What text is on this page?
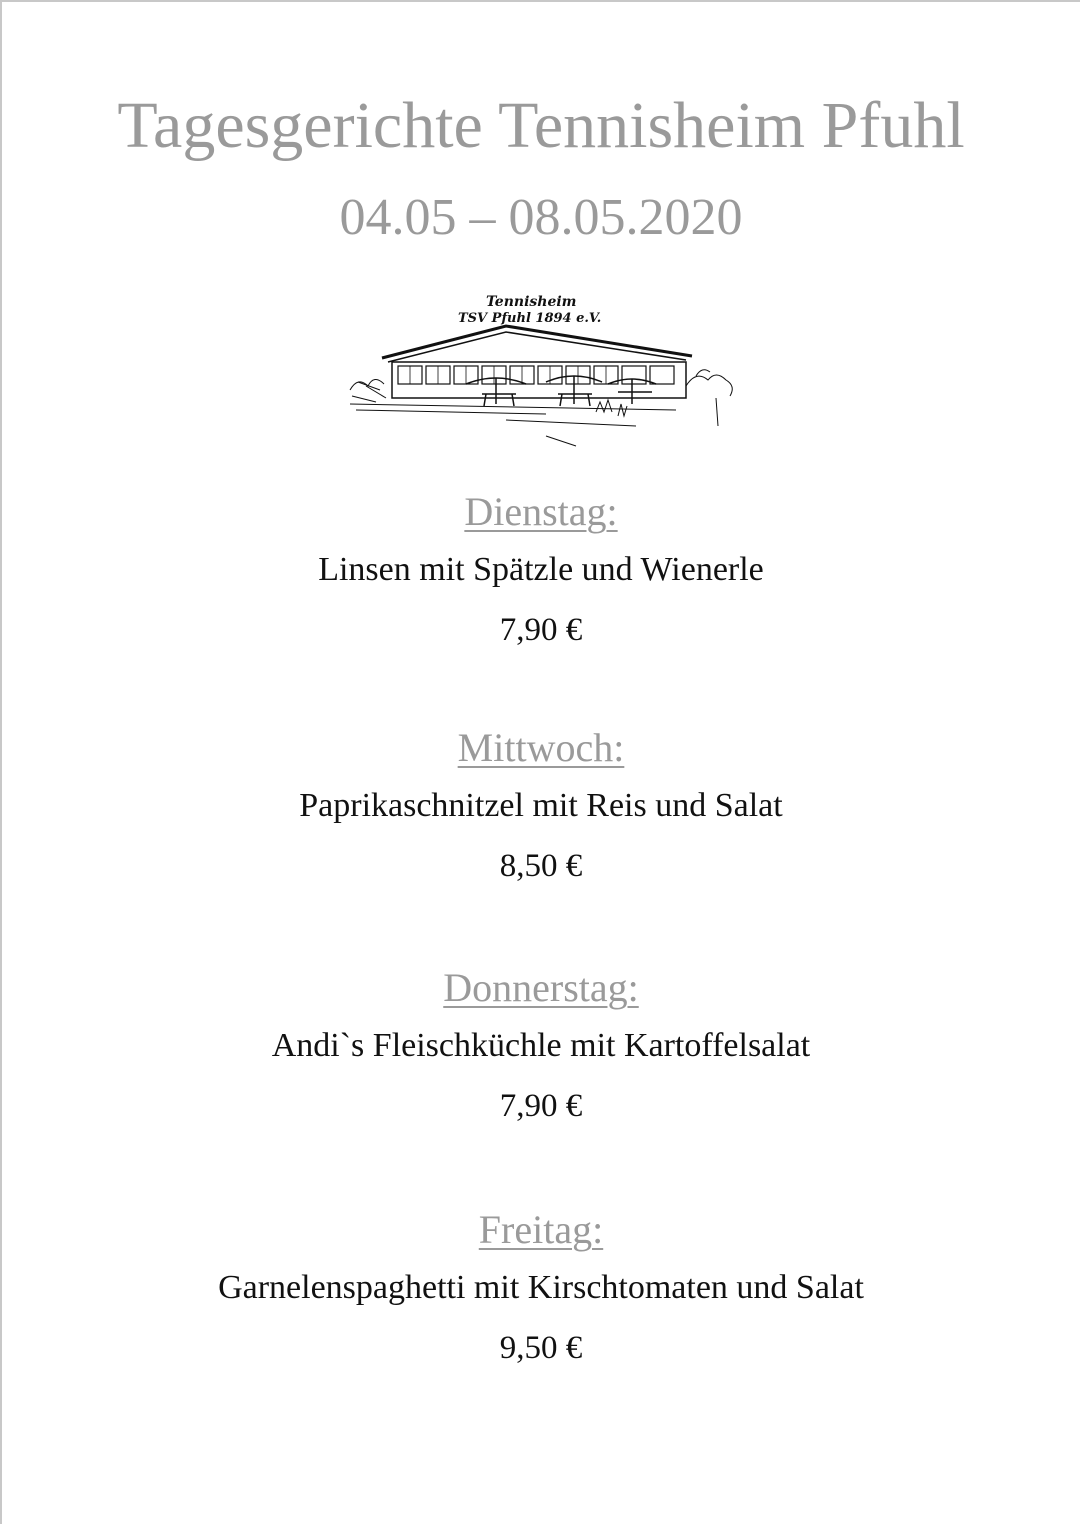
Tagesgerichte Tennisheim Pfuhl
04.05 – 08.05.2020
Tennisheim
TSV Pfuhl 1894 e.V.
Dienstag:
Linsen mit Spätzle und Wienerle
7,90 €
Mittwoch:
Paprikaschnitzel mit Reis und Salat
8,50 €
Donnerstag:
Andi`s Fleischküchle mit Kartoffelsalat
7,90 €
Freitag:
Garnelenspaghetti mit Kirschtomaten und Salat
9,50 €
